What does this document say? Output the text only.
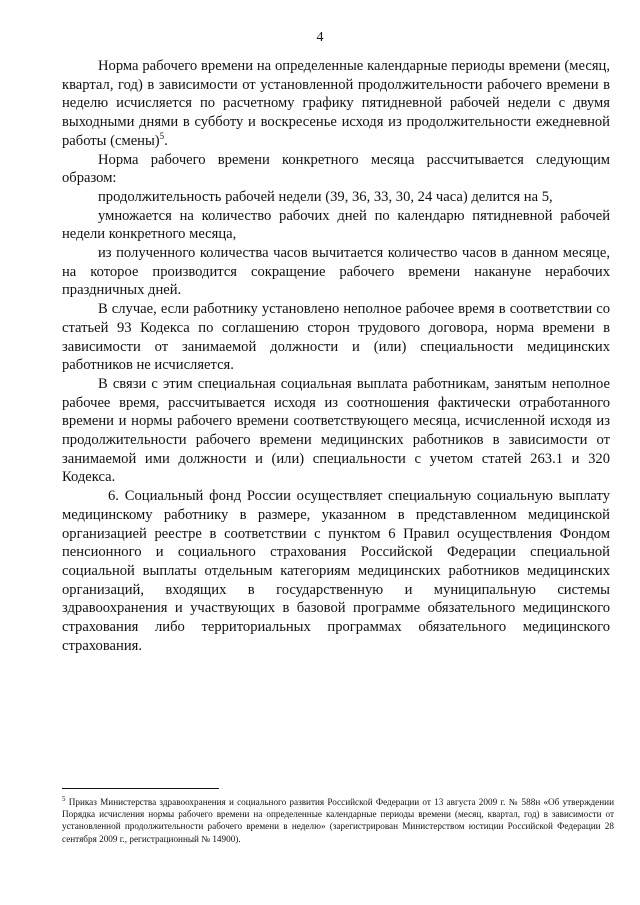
4

Норма рабочего времени на определенные календарные периоды времени (месяц, квартал, год) в зависимости от установленной продолжительности рабочего времени в неделю исчисляется по расчетному графику пятидневной рабочей недели с двумя выходными днями в субботу и воскресенье исходя из продолжительности ежедневной работы (смены)$^5$.

Норма рабочего времени конкретного месяца рассчитывается следующим образом:

продолжительность рабочей недели (39, 36, 33, 30, 24 часа) делится на 5,

умножается на количество рабочих дней по календарю пятидневной рабочей недели конкретного месяца,

из полученного количества часов вычитается количество часов в данном месяце, на которое производится сокращение рабочего времени накануне нерабочих праздничных дней.

В случае, если работнику установлено неполное рабочее время в соответствии со статьей 93 Кодекса по соглашению сторон трудового договора, норма времени в зависимости от занимаемой должности и (или) специальности медицинских работников не исчисляется.

В связи с этим специальная социальная выплата работникам, занятым неполное рабочее время, рассчитывается исходя из соотношения фактически отработанного времени и нормы рабочего времени соответствующего месяца, исчисленной исходя из продолжительности рабочего времени медицинских работников в зависимости от занимаемой ими должности и (или) специальности с учетом статей 263.1 и 320 Кодекса.

6. Социальный фонд России осуществляет специальную социальную выплату медицинскому работнику в размере, указанном в представленном медицинской организацией реестре в соответствии с пунктом 6 Правил осуществления Фондом пенсионного и социального страхования Российской Федерации специальной социальной выплаты отдельным категориям медицинских работников медицинских организаций, входящих в государственную и муниципальную системы здравоохранения и участвующих в базовой программе обязательного медицинского страхования либо территориальных программах обязательного медицинского страхования.

$^5$ Приказ Министерства здравоохранения и социального развития Российской Федерации от 13 августа 2009 г. № 588н «Об утверждении Порядка исчисления нормы рабочего времени на определенные календарные периоды времени (месяц, квартал, год) в зависимости от установленной продолжительности рабочего времени в неделю» (зарегистрирован Министерством юстиции Российской Федерации 28 сентября 2009 г., регистрационный № 14900).
